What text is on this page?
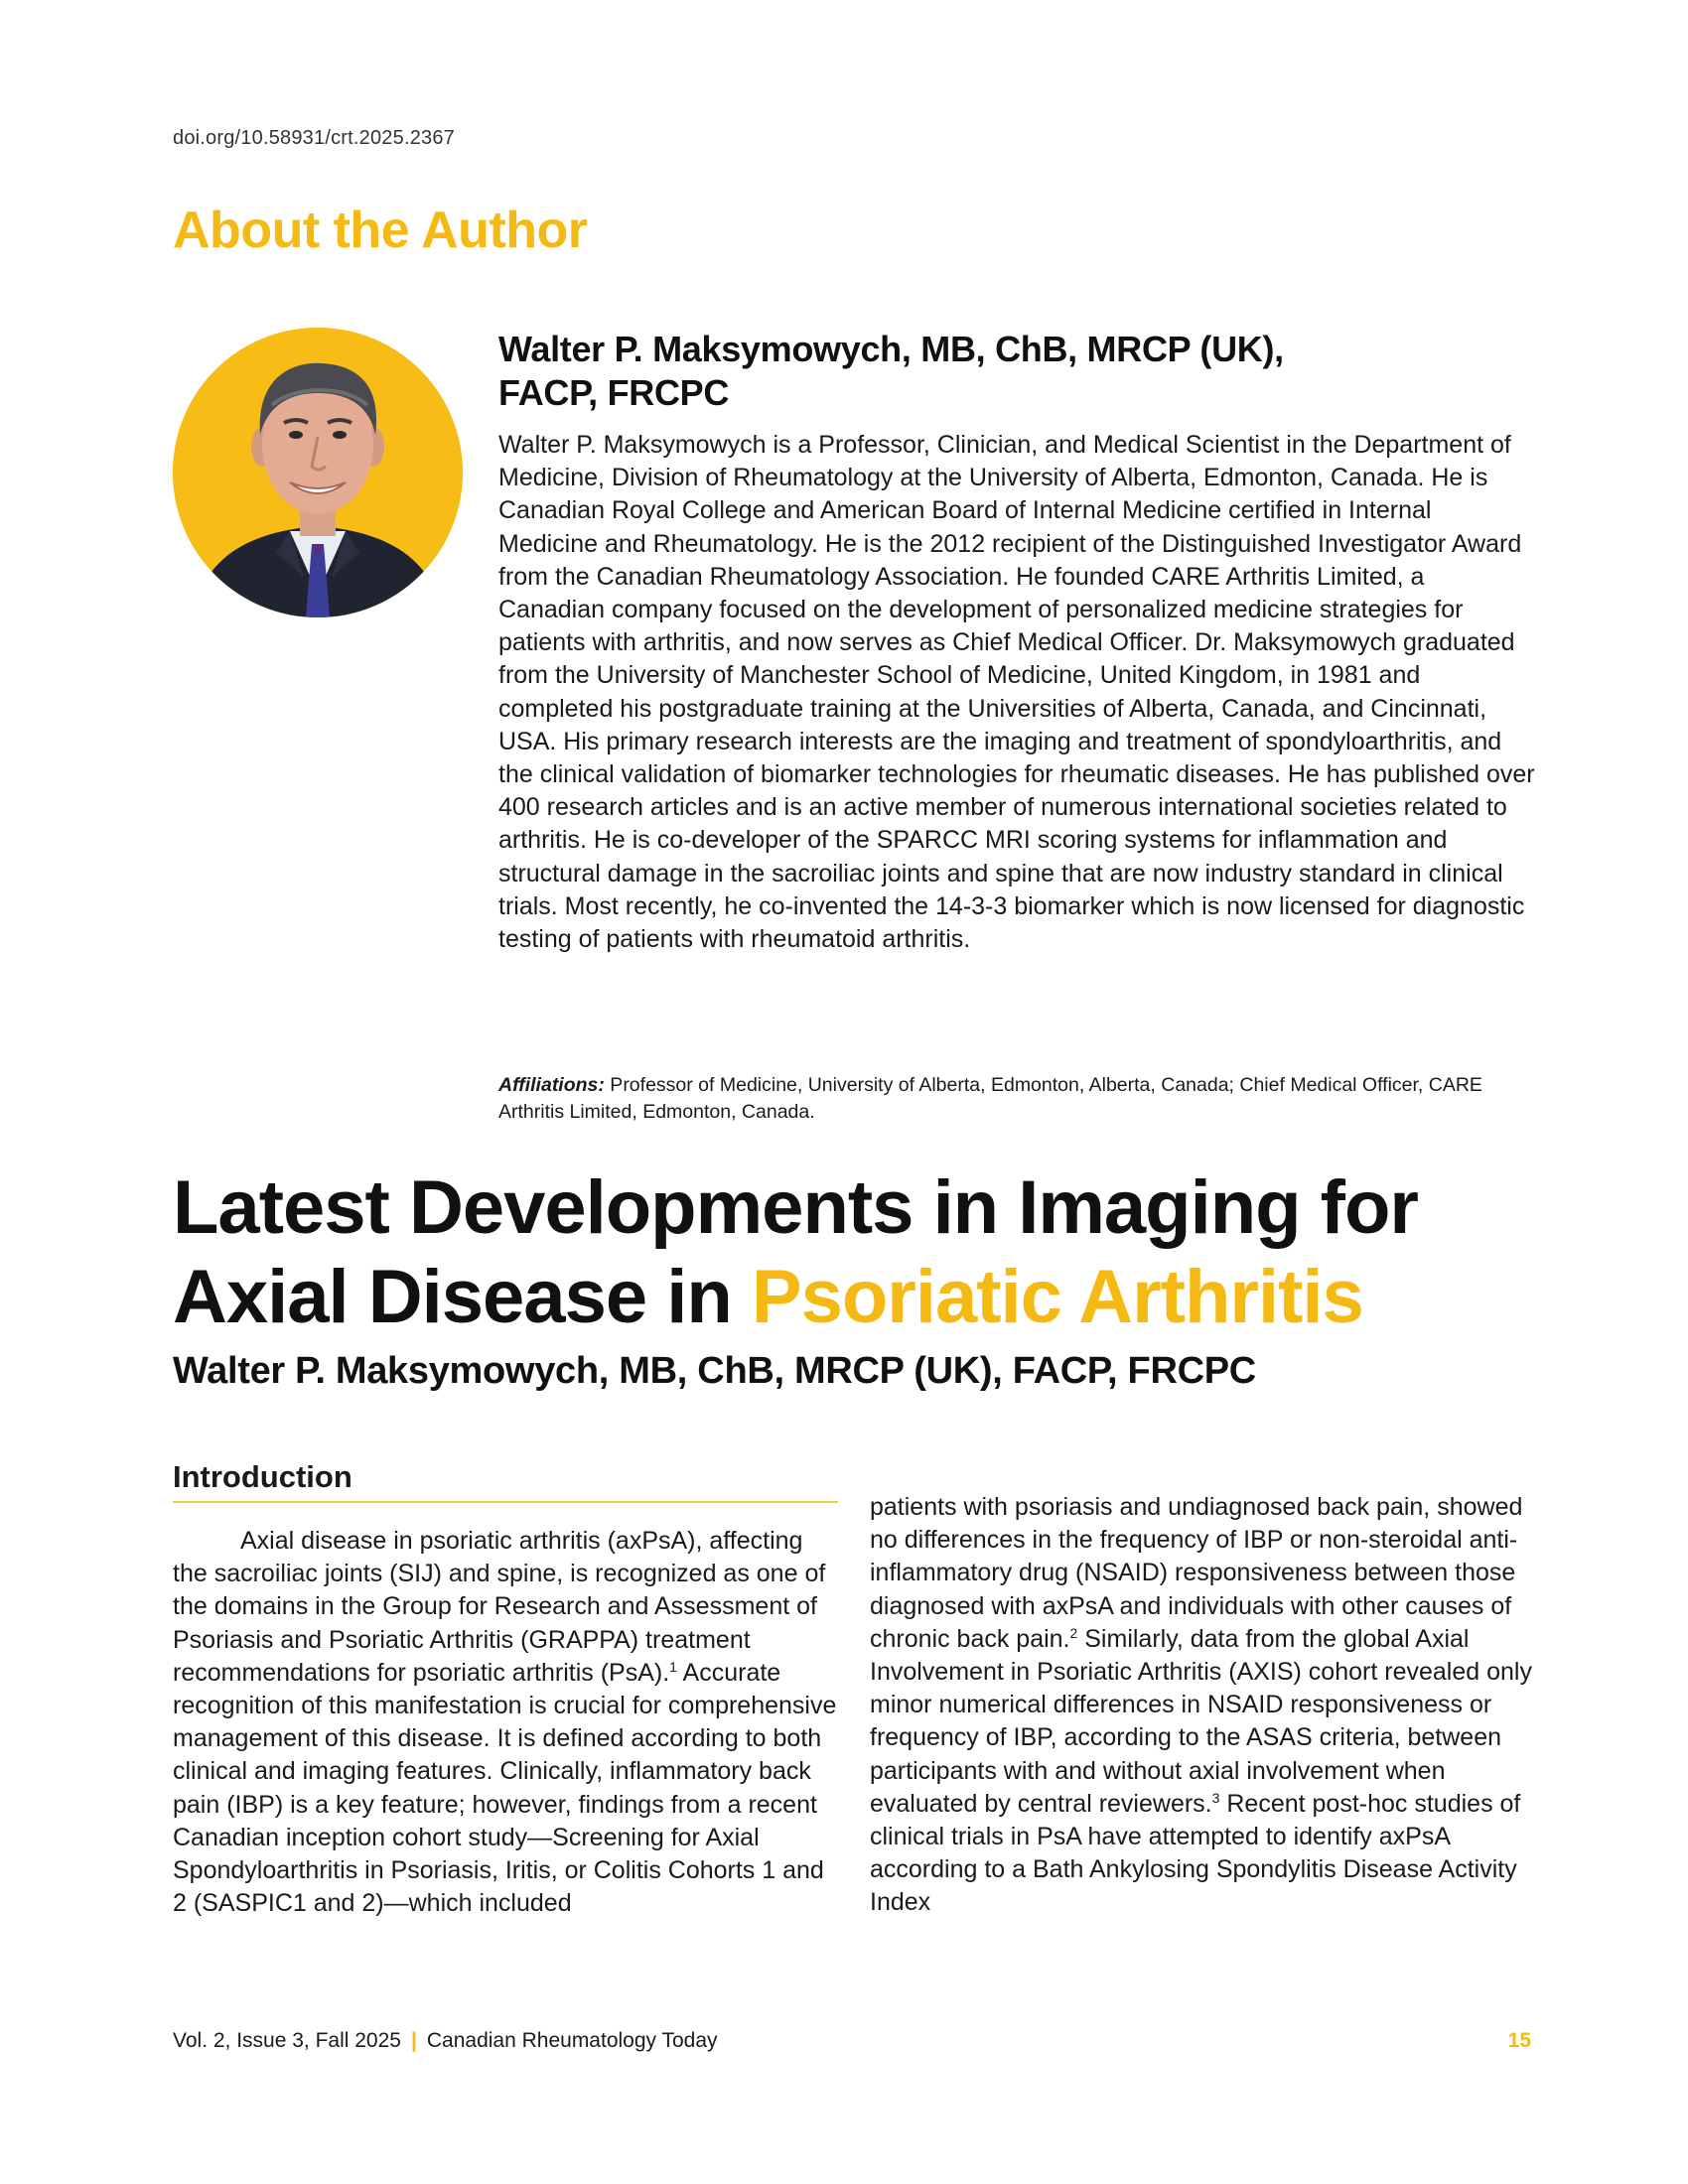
doi.org/10.58931/crt.2025.2367
About the Author
Walter P. Maksymowych, MB, ChB, MRCP (UK),
FACP, FRCPC

Walter P. Maksymowych is a Professor, Clinician, and Medical Scientist in the Department of Medicine, Division of Rheumatology at the University of Alberta, Edmonton, Canada. He is Canadian Royal College and American Board of Internal Medicine certified in Internal Medicine and Rheumatology. He is the 2012 recipient of the Distinguished Investigator Award from the Canadian Rheumatology Association. He founded CARE Arthritis Limited, a Canadian company focused on the development of personalized medicine strategies for patients with arthritis, and now serves as Chief Medical Officer. Dr. Maksymowych graduated from the University of Manchester School of Medicine, United Kingdom, in 1981 and completed his postgraduate training at the Universities of Alberta, Canada, and Cincinnati, USA. His primary research interests are the imaging and treatment of spondyloarthritis, and the clinical validation of biomarker technologies for rheumatic diseases. He has published over 400 research articles and is an active member of numerous international societies related to arthritis. He is co-developer of the SPARCC MRI scoring systems for inflammation and structural damage in the sacroiliac joints and spine that are now industry standard in clinical trials. Most recently, he co-invented the 14-3-3 biomarker which is now licensed for diagnostic testing of patients with rheumatoid arthritis.

Affiliations: Professor of Medicine, University of Alberta, Edmonton, Alberta, Canada; Chief Medical Officer, CARE Arthritis Limited, Edmonton, Canada.

Latest Developments in Imaging for
Axial Disease in Psoriatic Arthritis
Walter P. Maksymowych, MB, ChB, MRCP (UK), FACP, FRCPC
Introduction

Axial disease in psoriatic arthritis (axPsA), affecting the sacroiliac joints (SIJ) and spine, is recognized as one of the domains in the Group for Research and Assessment of Psoriasis and Psoriatic Arthritis (GRAPPA) treatment recommendations for psoriatic arthritis (PsA).$^1$ Accurate recognition of this manifestation is crucial for comprehensive management of this disease. It is defined according to both clinical and imaging features. Clinically, inflammatory back pain (IBP) is a key feature; however, findings from a recent Canadian inception cohort study—Screening for Axial Spondyloarthritis in Psoriasis, Iritis, or Colitis Cohorts 1 and 2 (SASPIC1 and 2)—which included

patients with psoriasis and undiagnosed back pain, showed no differences in the frequency of IBP or non-steroidal anti-inflammatory drug (NSAID) responsiveness between those diagnosed with axPsA and individuals with other causes of chronic back pain.$^2$ Similarly, data from the global Axial Involvement in Psoriatic Arthritis (AXIS) cohort revealed only minor numerical differences in NSAID responsiveness or frequency of IBP, according to the ASAS criteria, between participants with and without axial involvement when evaluated by central reviewers.$^3$ Recent post-hoc studies of clinical trials in PsA have attempted to identify axPsA according to a Bath Ankylosing Spondylitis Disease Activity Index

Vol. 2, Issue 3, Fall 2025 | Canadian Rheumatology Today	15
